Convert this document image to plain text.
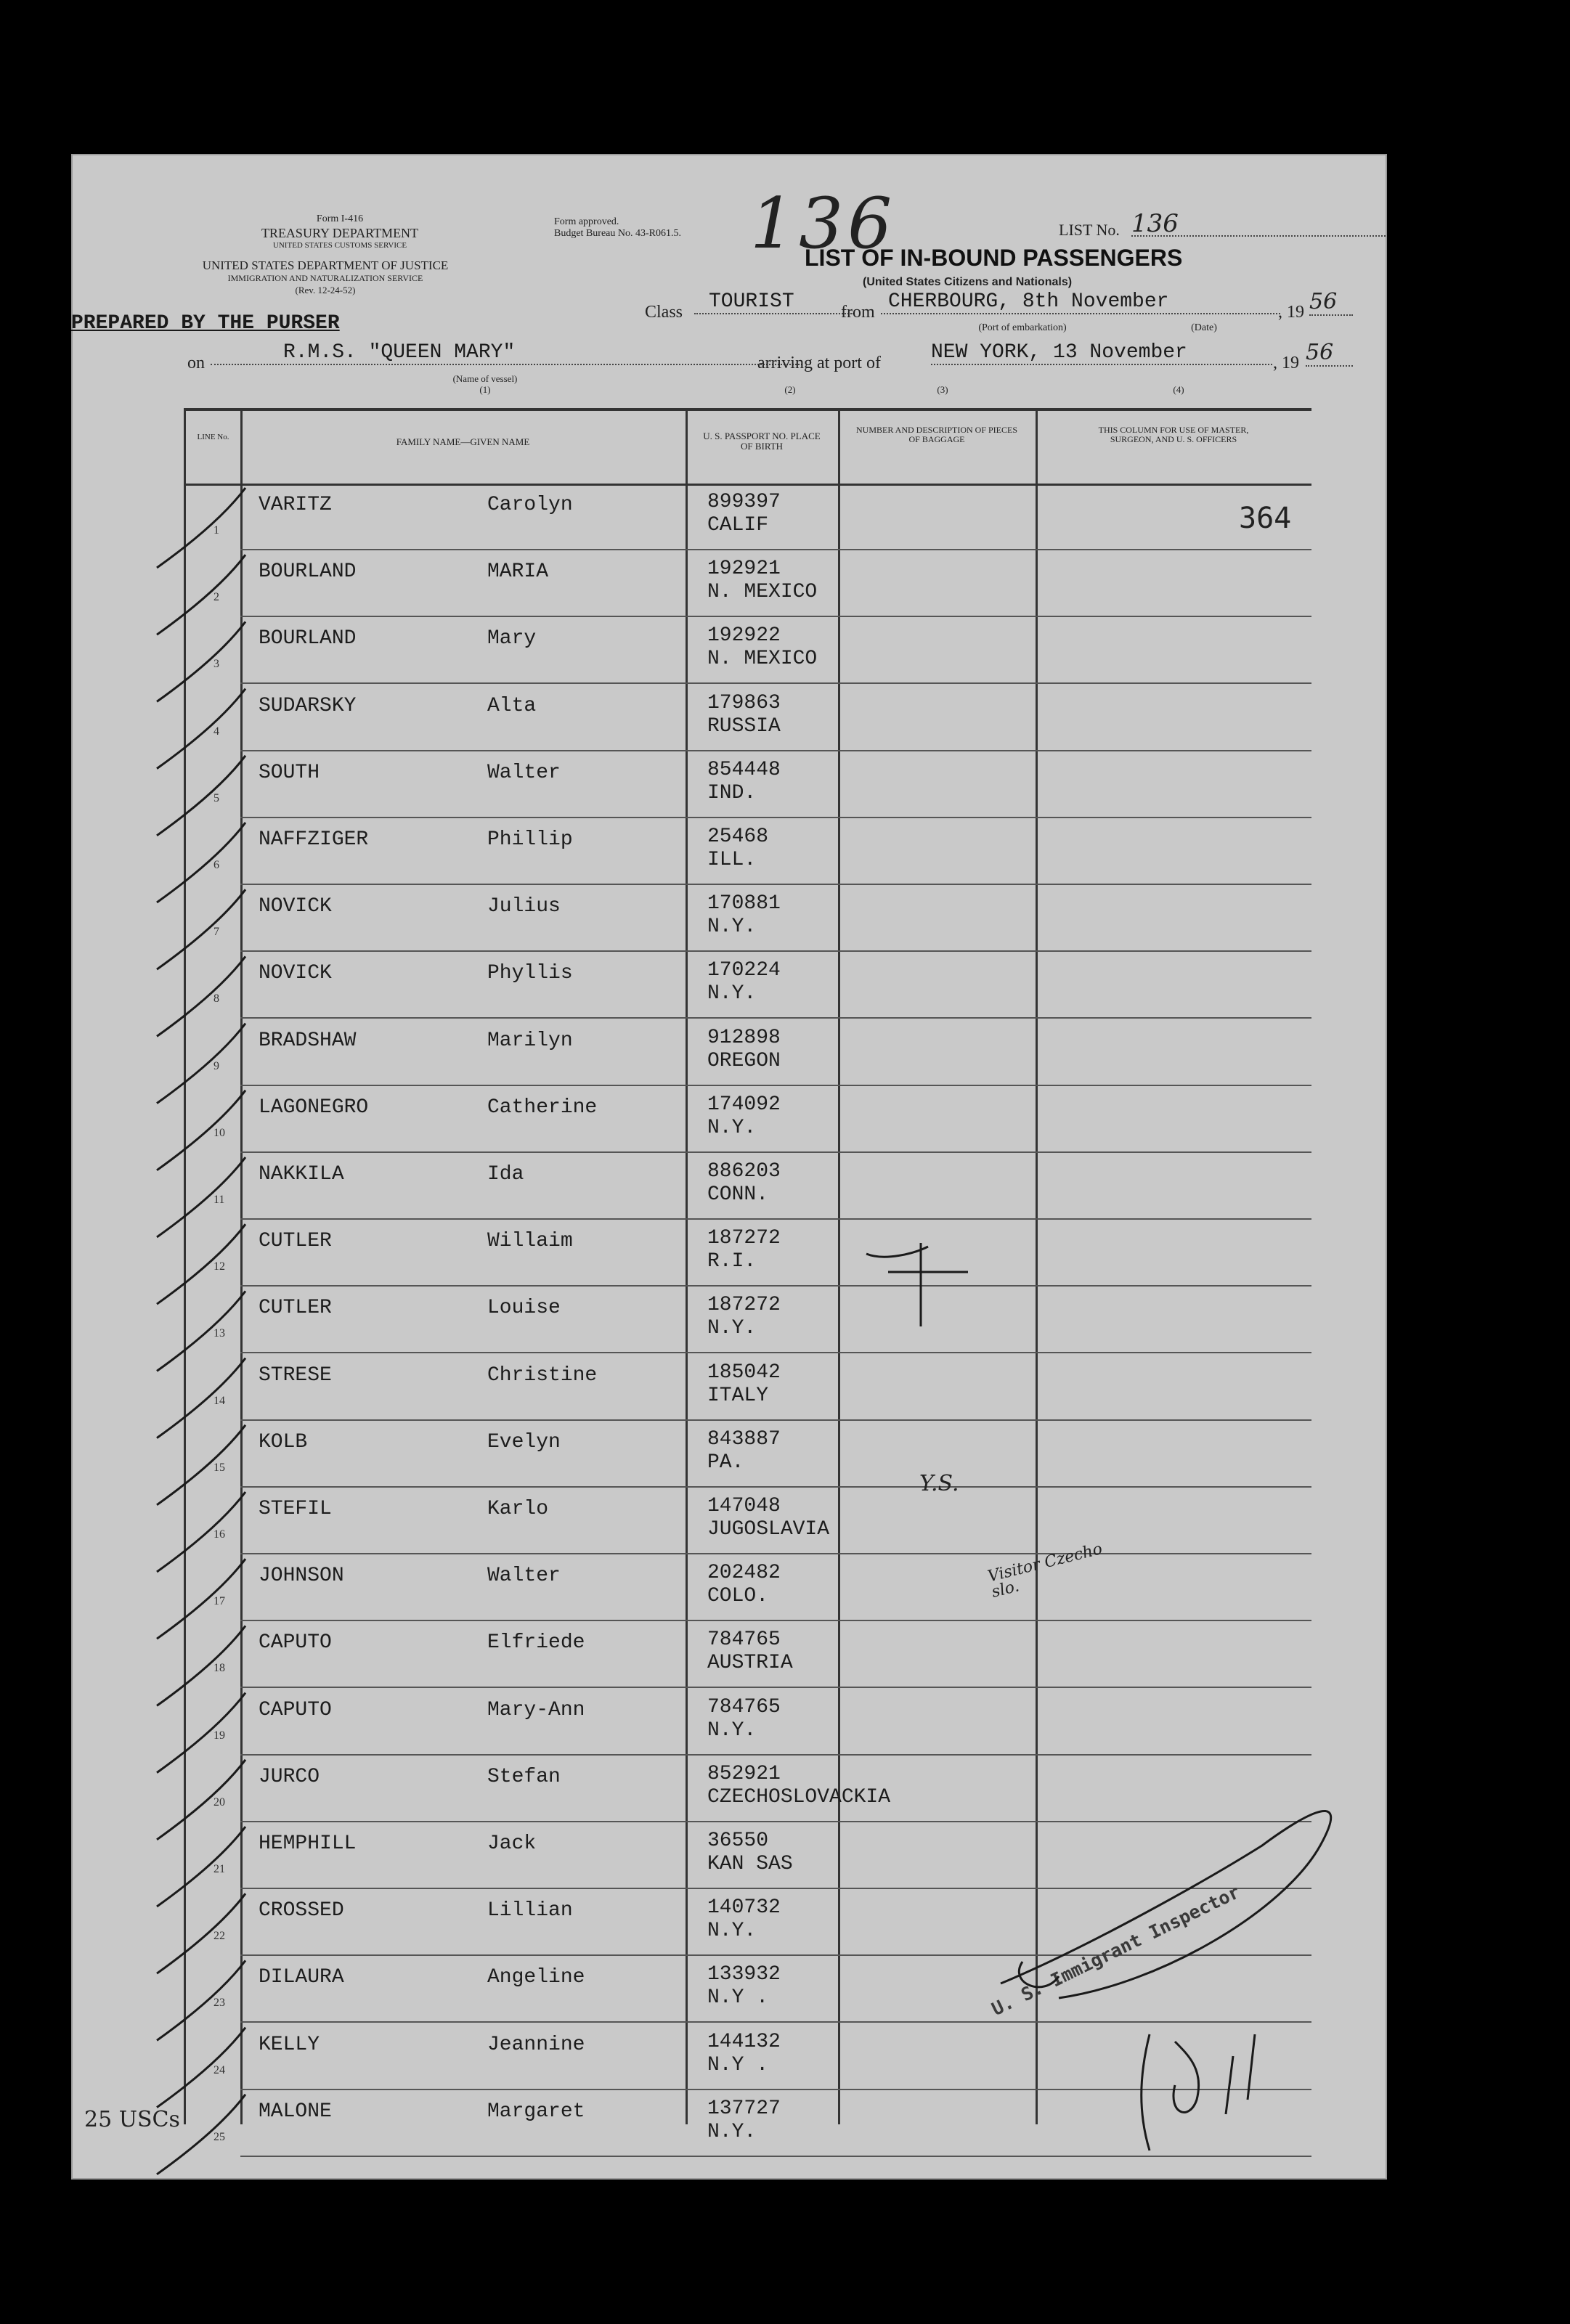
Form I-416
TREASURY DEPARTMENT
UNITED STATES CUSTOMS SERVICE
UNITED STATES DEPARTMENT OF JUSTICE
IMMIGRATION AND NATURALIZATION SERVICE
(Rev. 12-24-52)
Form approved.
Budget Bureau No. 43-R061.5. 136	LIST No. 136
LIST OF IN-BOUND PASSENGERS
(United States Citizens and Nationals)
PREPARED BY THE PURSER	Class	TOURIST	from CHERBOURG, 8th November	, 19 56
(Port of embarkation)	(Date)
on	R.M.S. "QUEEN MARY"
(Name of vessel)
(1)
arriving at port of NEW YORK, 13 November	, 19 56
(2)	(3)	(4)
LINE No.	FAMILY NAME—GIVEN NAME
U. S. PASSPORT NO. PLACE OF BIRTH
NUMBER AND DESCRIPTION OF PIECES OF BAGGAGE
THIS COLUMN FOR USE OF MASTER, SURGEON, AND U. S. OFFICERS
1
VARITZ	Carolyn	899397
CALIF
2
BOURLAND	MARIA	192921
N. MEXICO
3
BOURLAND	Mary	192922
N. MEXICO
4
SUDARSKY	Alta	179863
RUSSIA
5
SOUTH	Walter	854448
IND.
6
NAFFZIGER	Phillip	25468
ILL.
7
NOVICK	Julius	170881
N.Y.
8
NOVICK	Phyllis	170224
N.Y.
9
BRADSHAW	Marilyn	912898
OREGON
10
LAGONEGRO	Catherine	174092
N.Y.
11
NAKKILA	Ida	886203
CONN.
12
CUTLER	Willaim	187272
R.I.
13
CUTLER	Louise	187272
N.Y.
14
STRESE	Christine	185042
ITALY
15
KOLB	Evelyn	843887
PA.
16
STEFIL	Karlo	147048
JUGOSLAVIA
17
JOHNSON	Walter	202482
COLO.
18
CAPUTO	Elfriede	784765
AUSTRIA
19
CAPUTO	Mary-Ann	784765
N.Y.
20
JURCO	Stefan	852921
CZECHOSLOVACKIA
21
HEMPHILL	Jack	36550
KAN SAS
22
CROSSED	Lillian	140732
N.Y.
23
DILAURA	Angeline	133932
N.Y .
24
KELLY	Jeannine	144132
N.Y .
25
MALONE	Margaret	137727
N.Y.
364
Y.S.
Visitor Czecho slo.
U. S. Immigrant Inspector
25 USCs
